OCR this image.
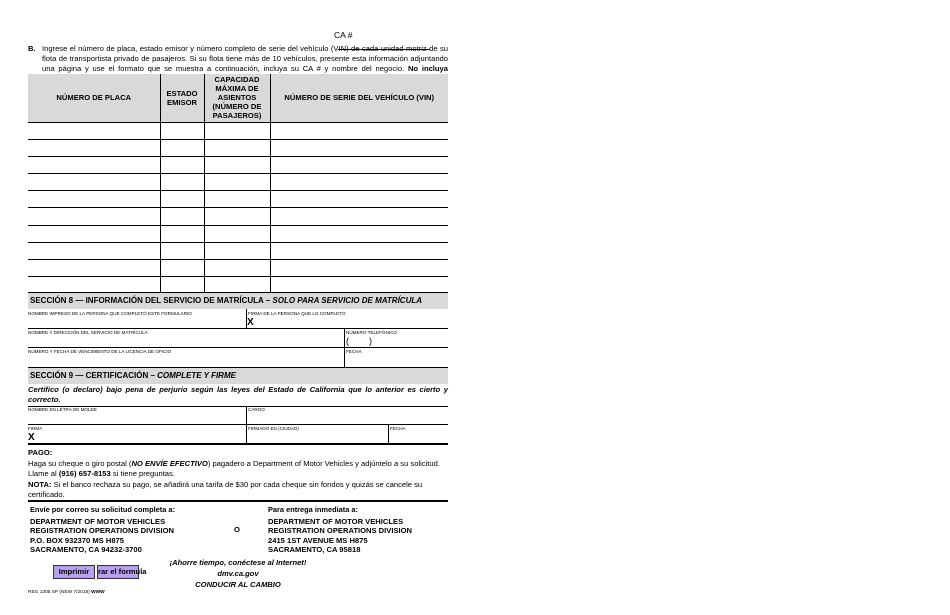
CA #
B. Ingrese el número de placa, estado emisor y número completo de serie del vehículo (VIN) de cada unidad motriz de su flota de transportista privado de pasajeros. Si su flota tiene más de 10 vehículos, presente esta información adjuntando una página y use el formato que se muestra a continuación, incluya su CA # y nombre del negocio. No incluya
NÚMERO DE PLACA	ESTADO EMISOR	CAPACIDAD MÁXIMA DE ASIENTOS (NÚMERO DE PASAJEROS)	NÚMERO DE SERIE DEL VEHÍCULO (VIN)

SECCIÓN 8 — INFORMACIÓN DEL SERVICIO DE MATRÍCULA – SOLO PARA SERVICIO DE MATRÍCULA
NOMBRE IMPRESO DE LA PERSONA QUE COMPLETÓ ESTE FORMULARIO	FIRMA DE LA PERSONA QUE LO COMPLETÓ
X
NOMBRE Y DIRECCIÓN DEL SERVICIO DE MATRÍCULA	NÚMERO TELEFÓNICO
(        )
NÚMERO Y FECHA DE VENCIMIENTO DE LA LICENCIA DE OFICIO	FECHA
SECCIÓN 9 — CERTIFICACIÓN – COMPLETE Y FIRME
Certifico (o declaro) bajo pena de perjurio según las leyes del Estado de California que lo anterior es cierto y correcto.
NOMBRE EN LETRA DE MOLDE	CARGO
FIRMA
X
FIRMADO EN (CIUDAD)	FECHA
PAGO:
Haga su cheque o giro postal (NO ENVÍE EFECTIVO) pagadero a Department of Motor Vehicles y adjúntelo a su solicitud.
Llame al (916) 657-8153 si tiene preguntas.
NOTA: Si el banco rechaza su pago, se añadirá una tarifa de $30 por cada cheque sin fondos y quizás se cancele su certificado.
Envíe por correo su solicitud completa a:
DEPARTMENT OF MOTOR VEHICLES
REGISTRATION OPERATIONS DIVISION
P.O. BOX 932370 MS H875
SACRAMENTO, CA 94232-3700
O
Para entrega inmediata a:
DEPARTMENT OF MOTOR VEHICLES
REGISTRATION OPERATIONS DIVISION
2415 1ST AVENUE MS H875
SACRAMENTO, CA 95818
¡Ahorre tiempo, conéctese al Internet!
dmv.ca.gov
CONDUCIR AL CAMBIO
Imprimir	rar el formula
REG 1305 SP (NEW 7/2018) WWW
